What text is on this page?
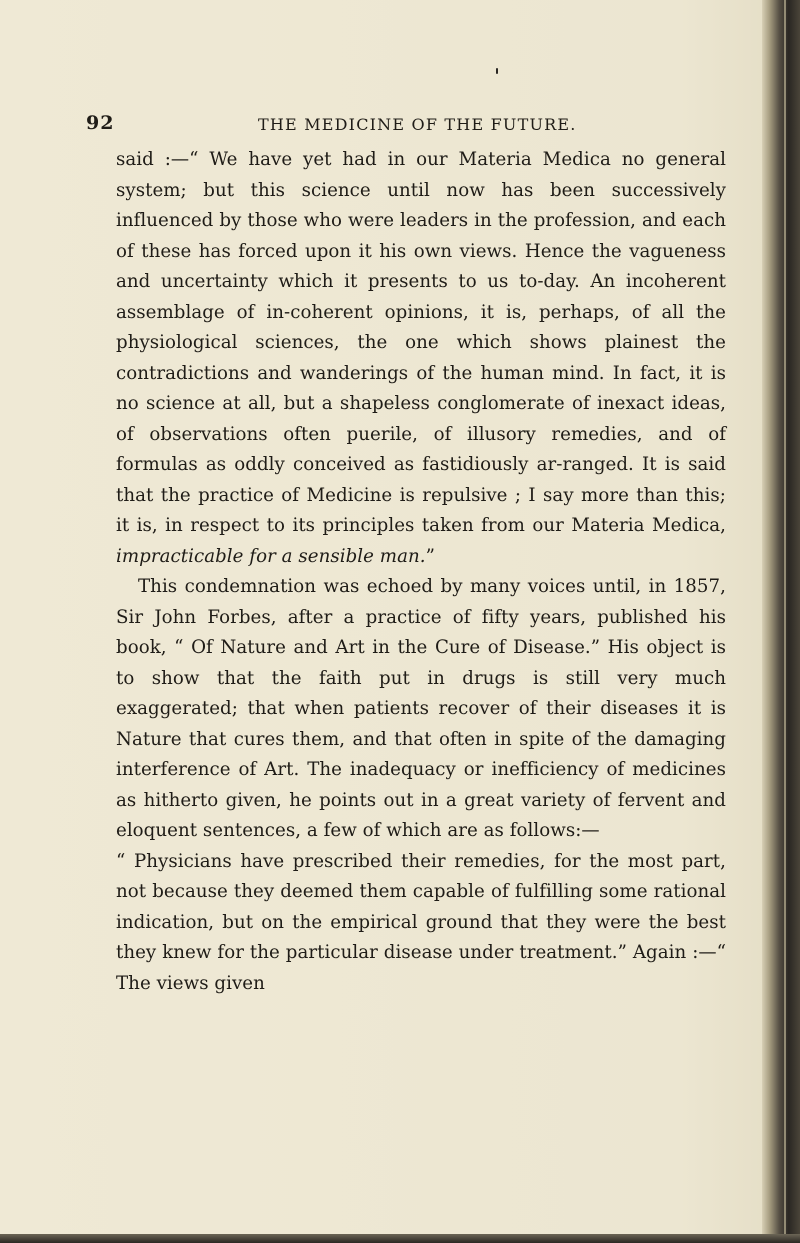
92	THE MEDICINE OF THE FUTURE.

said :—“ We have yet had in our Materia Medica no general system; but this science until now has been successively influenced by those who were leaders in the profession, and each of these has forced upon it his own views. Hence the vagueness and uncertainty which it presents to us to-day. An incoherent assemblage of in-coherent opinions, it is, perhaps, of all the physiological sciences, the one which shows plainest the contradictions and wanderings of the human mind. In fact, it is no science at all, but a shapeless conglomerate of inexact ideas, of observations often puerile, of illusory remedies, and of formulas as oddly conceived as fastidiously ar-ranged. It is said that the practice of Medicine is repulsive ; I say more than this; it is, in respect to its principles taken from our Materia Medica, impracticable for a sensible man.”

This condemnation was echoed by many voices until, in 1857, Sir John Forbes, after a practice of fifty years, published his book, “ Of Nature and Art in the Cure of Disease.” His object is to show that the faith put in drugs is still very much exaggerated; that when patients recover of their diseases it is Nature that cures them, and that often in spite of the damaging interference of Art. The inadequacy or inefficiency of medicines as hitherto given, he points out in a great variety of fervent and eloquent sentences, a few of which are as follows:—

“ Physicians have prescribed their remedies, for the most part, not because they deemed them capable of fulfilling some rational indication, but on the empirical ground that they were the best they knew for the particular disease under treatment.” Again :—“ The views given
